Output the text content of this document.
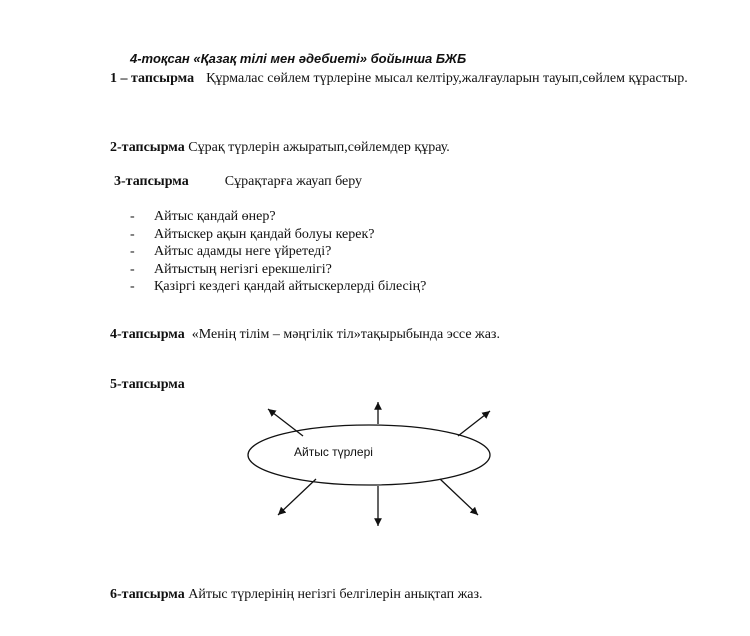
4-тоқсан «Қазақ тілі мен әдебиеті» бойынша БЖБ
1 – тапсырма Құрмалас сөйлем түрлеріне мысал келтіру,жалғауларын тауып,сөйлем құрастыр.
2-тапсырма Сұрақ түрлерін ажыратып,сөйлемдер құрау.
3-тапсырма	Сұрақтарға жауап беру
- Айтыс қандай өнер?
- Айтыскер ақын қандай болуы керек?
- Айтыс адамды неге үйретеді?
- Айтыстың негізгі ерекшелігі?
- Қазіргі кездегі қандай айтыскерлерді білесің?
4-тапсырма «Менің тілім – мәңгілік тіл»тақырыбында эссе жаз.
5-тапсырма
Айтыс түрлері
6-тапсырма Айтыс түрлерінің негізгі белгілерін анықтап жаз.
